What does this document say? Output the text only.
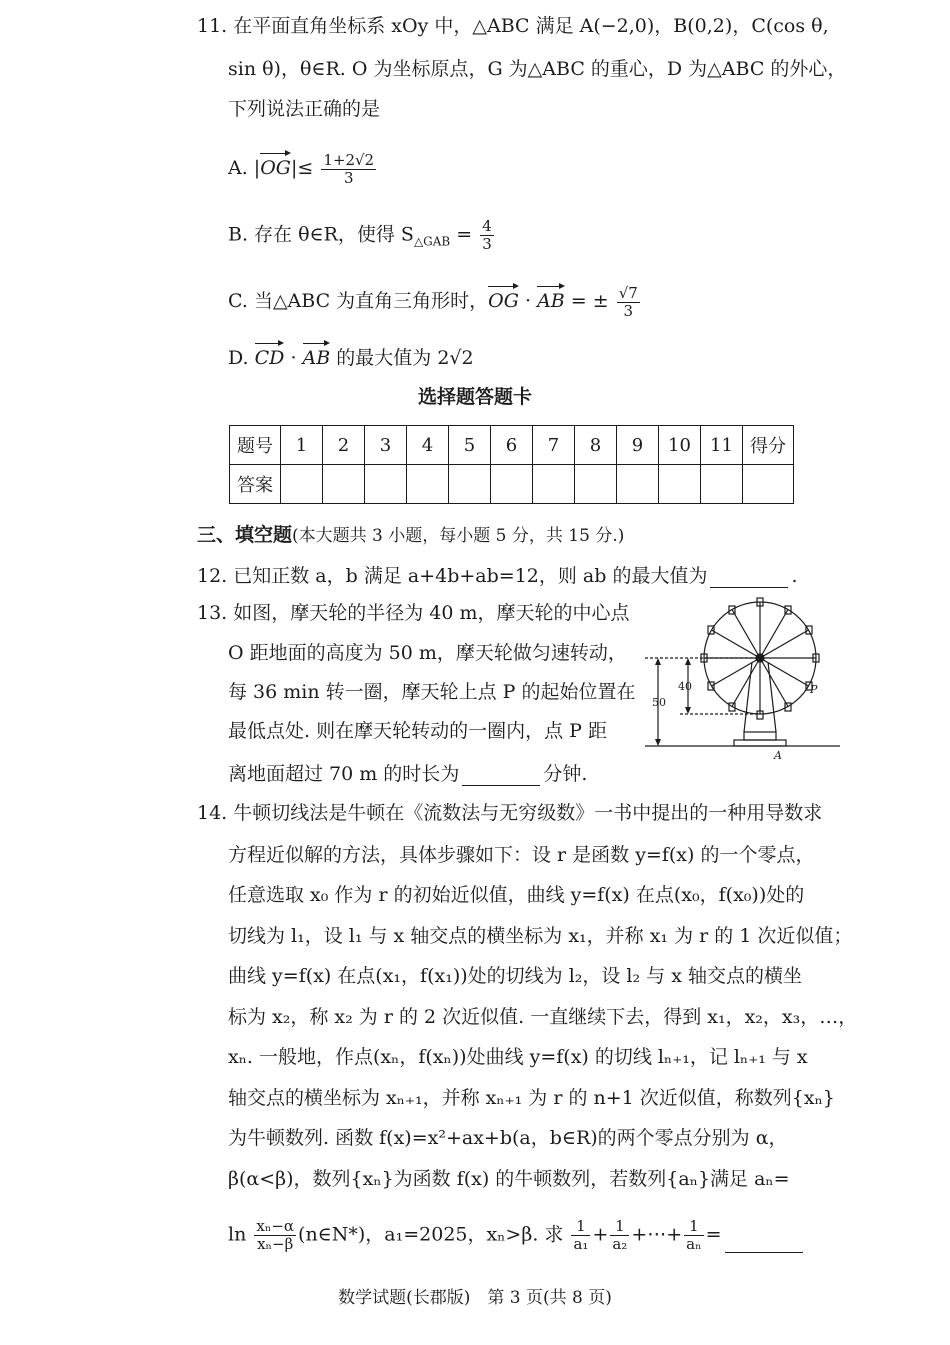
11. 在平面直角坐标系 xOy 中，△ABC 满足 A(−2,0)，B(0,2)，C(cos θ,
sin θ)，θ∈R. O 为坐标原点，G 为△ABC 的重心，D 为△ABC 的外心，
下列说法正确的是
A. $|OG|\le \frac{1+2√2}{3}$
B. 存在 θ∈R，使得 $S_{\triangle GAB} = \frac{4}{3}$
C. 当△ABC 为直角三角形时，OG · AB = ± $\frac{√7}{3}$
D. CD · AB 的最大值为 2√2
选择题答题卡
题号	1	2	3	4	5	6	7	8	9	10	11	得分
答案												
三、填空题(本大题共 3 小题，每小题 5 分，共 15 分.)
12. 已知正数 a，b 满足 a+4b+ab=12，则 ab 的最大值为	.
13. 如图，摩天轮的半径为 40 m，摩天轮的中心点
O 距地面的高度为 50 m，摩天轮做匀速转动，
每 36 min 转一圈，摩天轮上点 P 的起始位置在
最低点处. 则在摩天轮转动的一圈内，点 P 距
离地面超过 70 m 的时长为	分钟.
40
50
P
A
14. 牛顿切线法是牛顿在《流数法与无穷级数》一书中提出的一种用导数求
方程近似解的方法，具体步骤如下：设 r 是函数 y=f(x) 的一个零点，
任意选取 x₀ 作为 r 的初始近似值，曲线 y=f(x) 在点(x₀，f(x₀))处的
切线为 l₁，设 l₁ 与 x 轴交点的横坐标为 x₁，并称 x₁ 为 r 的 1 次近似值；
曲线 y=f(x) 在点(x₁，f(x₁))处的切线为 l₂，设 l₂ 与 x 轴交点的横坐
标为 x₂，称 x₂ 为 r 的 2 次近似值. 一直继续下去，得到 x₁，x₂，x₃，…，
xₙ. 一般地，作点(xₙ，f(xₙ))处曲线 y=f(x) 的切线 lₙ₊₁，记 lₙ₊₁ 与 x
轴交点的横坐标为 xₙ₊₁，并称 xₙ₊₁ 为 r 的 n+1 次近似值，称数列{xₙ}
为牛顿数列. 函数 f(x)=x²+ax+b(a，b∈R)的两个零点分别为 α，
β(α<β)，数列{xₙ}为函数 f(x) 的牛顿数列，若数列{aₙ}满足 aₙ=
$\ln \frac{\text{xₙ−α}}{\text{xₙ−β}}$ (n∈N*)，a₁=2025，xₙ>β. 求 $\frac{1}{\text{a₁}} + \frac{1}{\text{a₂}}$ +⋯+ $\frac{1}{\text{aₙ}}$ =
数学试题(长郡版)　第 3 页(共 8 页)
